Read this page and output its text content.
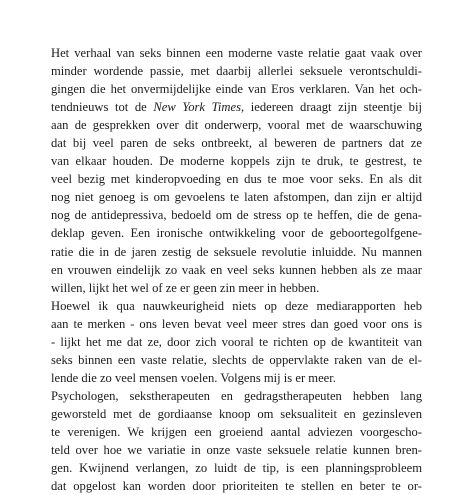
Het verhaal van seks binnen een moderne vaste relatie gaat vaak over
minder wordende passie, met daarbij allerlei seksuele verontschuldi-
gingen die het onvermijdelijke einde van Eros verklaren. Van het och-
tendnieuws tot de New York Times, iedereen draagt zijn steentje bij
aan de gesprekken over dit onderwerp, vooral met de waarschuwing
dat bij veel paren de seks ontbreekt, al beweren de partners dat ze
van elkaar houden. De moderne koppels zijn te druk, te gestrest, te
veel bezig met kinderopvoeding en dus te moe voor seks. En als dit
nog niet genoeg is om gevoelens te laten afstompen, dan zijn er altijd
nog de antidepressiva, bedoeld om de stress op te heffen, die de gena-
deklap geven. Een ironische ontwikkeling voor de geboortegolfgene-
ratie die in de jaren zestig de seksuele revolutie inluidde. Nu mannen
en vrouwen eindelijk zo vaak en veel seks kunnen hebben als ze maar
willen, lijkt het wel of ze er geen zin meer in hebben.
Hoewel ik qua nauwkeurigheid niets op deze mediarapporten heb
aan te merken - ons leven bevat veel meer stres dan goed voor ons is
- lijkt het me dat ze, door zich vooral te richten op de kwantiteit van
seks binnen een vaste relatie, slechts de oppervlakte raken van de el-
lende die zo veel mensen voelen. Volgens mij is er meer.
Psychologen, sekstherapeuten en gedragstherapeuten hebben lang
geworsteld met de gordiaanse knoop om seksualiteit en gezinsleven
te verenigen. We krijgen een groeiend aantal adviezen voorgescho-
teld over hoe we variatie in onze vaste seksuele relatie kunnen bren-
gen. Kwijnend verlangen, zo luidt de tip, is een planningsprobleem
dat opgelost kan worden door prioriteiten te stellen en beter te or-
